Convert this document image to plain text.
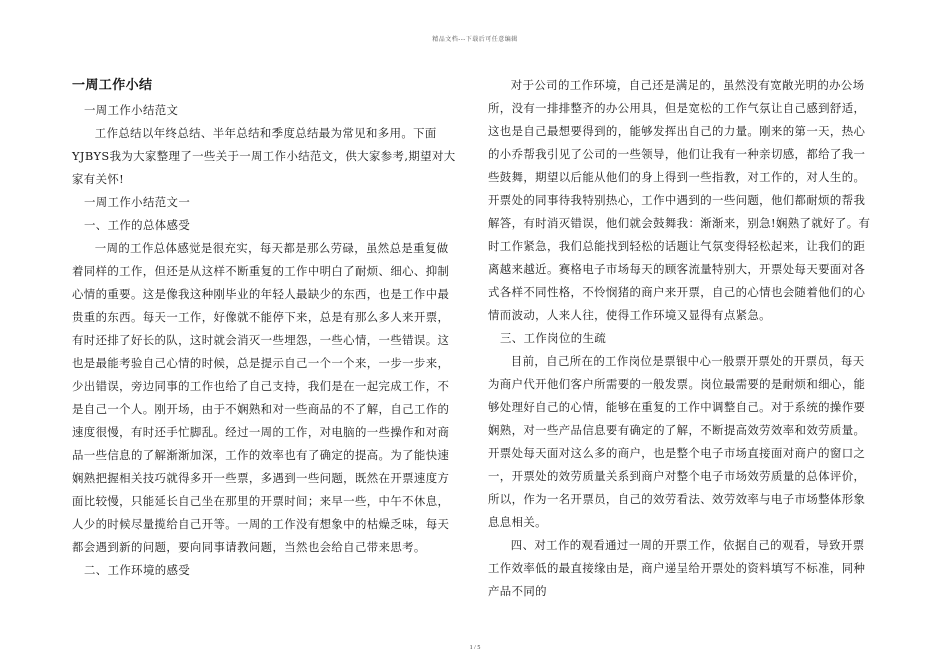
精品文档---下载后可任意编辑
一周工作小结

一周工作小结范文

工作总结以年终总结、半年总结和季度总结最为常见和多用。下面YJBYS我为大家整理了一些关于一周工作小结范文，供大家参考,期望对大家有关怀!

一周工作小结范文一

一、工作的总体感受

一周的工作总体感觉是很充实，每天都是那么劳碌，虽然总是重复做着同样的工作，但还是从这样不断重复的工作中明白了耐烦、细心、抑制心情的重要。这是像我这种刚毕业的年轻人最缺少的东西，也是工作中最贵重的东西。每天一工作，好像就不能停下来，总是有那么多人来开票，有时还排了好长的队，这时就会消灭一些埋怨，一些心情，一些错误。这也是最能考验自己心情的时候，总是提示自己一个一个来，一步一步来，少出错误，旁边同事的工作也给了自己支持，我们是在一起完成工作，不是自己一个人。刚开场，由于不娴熟和对一些商品的不了解，自己工作的速度很慢，有时还手忙脚乱。经过一周的工作，对电脑的一些操作和对商品一些信息的了解渐渐加深，工作的效率也有了确定的提高。为了能快速娴熟把握相关技巧就得多开一些票，多遇到一些问题，既然在开票速度方面比较慢，只能延长自己坐在那里的开票时间；来早一些，中午不休息，人少的时候尽量揽给自己开等。一周的工作没有想象中的枯燥乏味，每天都会遇到新的问题，要向同事请教问题，当然也会给自己带来思考。

二、工作环境的感受

对于公司的工作环境，自己还是满足的，虽然没有宽敞光明的办公场所，没有一排排整齐的办公用具，但是宽松的工作气氛让自己感到舒适，这也是自己最想要得到的，能够发挥出自己的力量。刚来的第一天，热心的小乔帮我引见了公司的一些领导，他们让我有一种亲切感，都给了我一些鼓舞，期望以后能从他们的身上得到一些指教，对工作的，对人生的。开票处的同事待我特别热心，工作中遇到的一些问题，他们都耐烦的帮我解答，有时消灭错误，他们就会鼓舞我：渐渐来，别急!娴熟了就好了。有时工作紧急，我们总能找到轻松的话题让气氛变得轻松起来，让我们的距离越来越近。赛格电子市场每天的顾客流量特别大，开票处每天要面对各式各样不同性格，不怜悯猪的商户来开票，自己的心情也会随着他们的心情而波动，人来人往，使得工作环境又显得有点紧急。

三、工作岗位的生疏

目前，自己所在的工作岗位是票银中心一般票开票处的开票员，每天为商户代开他们客户所需要的一般发票。岗位最需要的是耐烦和细心，能够处理好自己的心情，能够在重复的工作中调整自己。对于系统的操作要娴熟，对一些产品信息要有确定的了解，不断提高效劳效率和效劳质量。开票处每天面对这么多的商户，也是整个电子市场直接面对商户的窗口之一，开票处的效劳质量关系到商户对整个电子市场效劳质量的总体评价，所以，作为一名开票员，自己的效劳看法、效劳效率与电子市场整体形象息息相关。

四、对工作的观看通过一周的开票工作，依据自己的观看，导致开票工作效率低的最直接缘由是，商户递呈给开票处的资料填写不标准，同种产品不同的

1 / 5
